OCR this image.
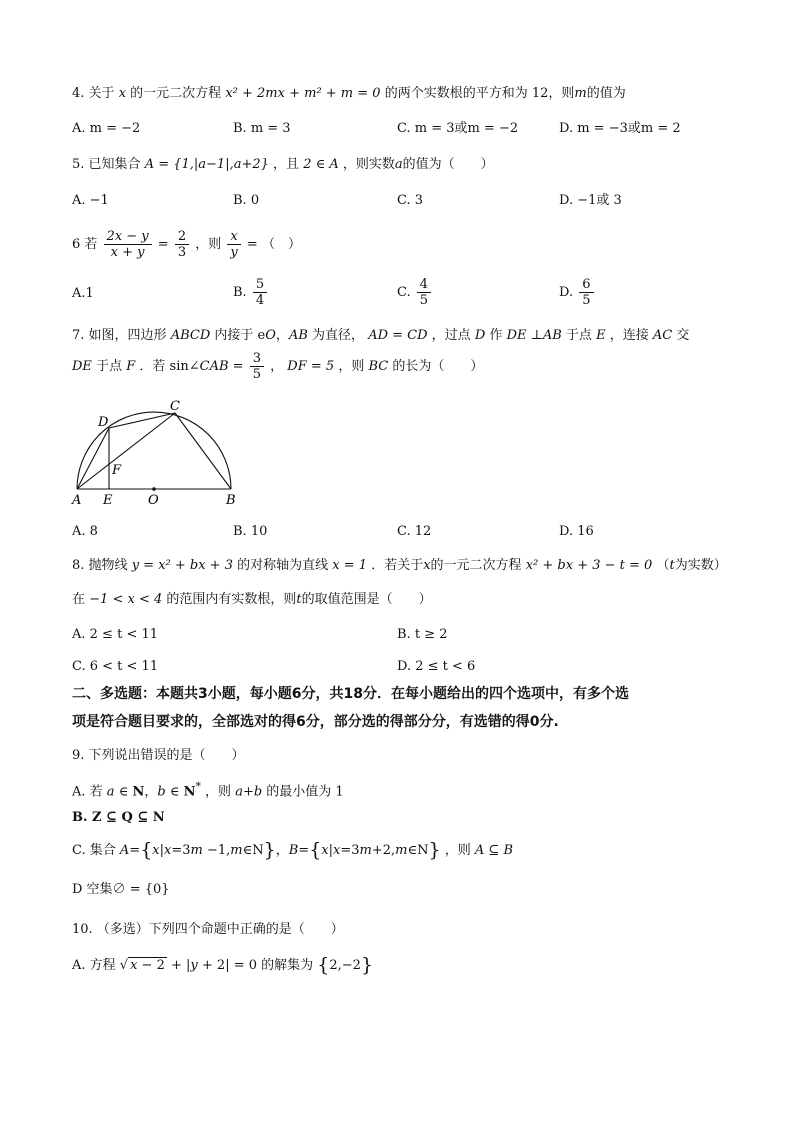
4. 关于 x 的一元二次方程 x² + 2mx + m² + m = 0 的两个实数根的平方和为 12，则m的值为
A. m = −2	B. m = 3	C. m = 3或m = −2	D. m = −3或m = 2
5. 已知集合 A = {1,|a−1|,a+2} ，且 2 ∈ A ，则实数a的值为（　　）
A. −1	B. 0	C. 3	D. −1或 3
6 若 $\frac{2x - y}{x + y} = \frac{2}{3}$ ，则 $\frac{x}{y}$ = （　）
A.1	B. $\frac{5}{4}$	C. $\frac{4}{5}$	D. $\frac{6}{5}$
7. 如图，四边形 ABCD 内接于 eO，AB 为直径， AD = CD ，过点 D 作 DE ⊥AB 于点 E ，连接 AC 交
DE 于点 F ．若 sin∠CAB = $\frac{3}{5}$ ， DF = 5 ，则 BC 的长为（　　）
D
C
F
A E	O	B
A. 8	B. 10	C. 12	D. 16
8. 抛物线 y = x² + bx + 3 的对称轴为直线 x = 1 ．若关于x的一元二次方程 x² + bx + 3 − t = 0 （t为实数）
在 −1 < x < 4 的范围内有实数根，则t的取值范围是（　　）
A. 2 ≤ t < 11	B. t ≥ 2
C. 6 < t < 11	D. 2 ≤ t < 6
二、多选题：本题共3小题，每小题6分，共18分．在每小题给出的四个选项中，有多个选
项是符合题目要求的，全部选对的得6分，部分选的得部分分，有选错的得0分.
9. 下列说出错误的是（　　）
A. 若 a ∈ N，b ∈ N* ，则 a+b 的最小值为 1
B. Z ⊆ Q ⊆ N
C. 集合 A={x|x=3m −1,m∈N}，B={x|x=3m+2,m∈N} ，则 A ⊆ B
D 空集∅ = {0}
10. （多选）下列四个命题中正确的是（　　）
A. 方程 √ x − 2 + |y + 2| = 0 的解集为 {2,−2}
